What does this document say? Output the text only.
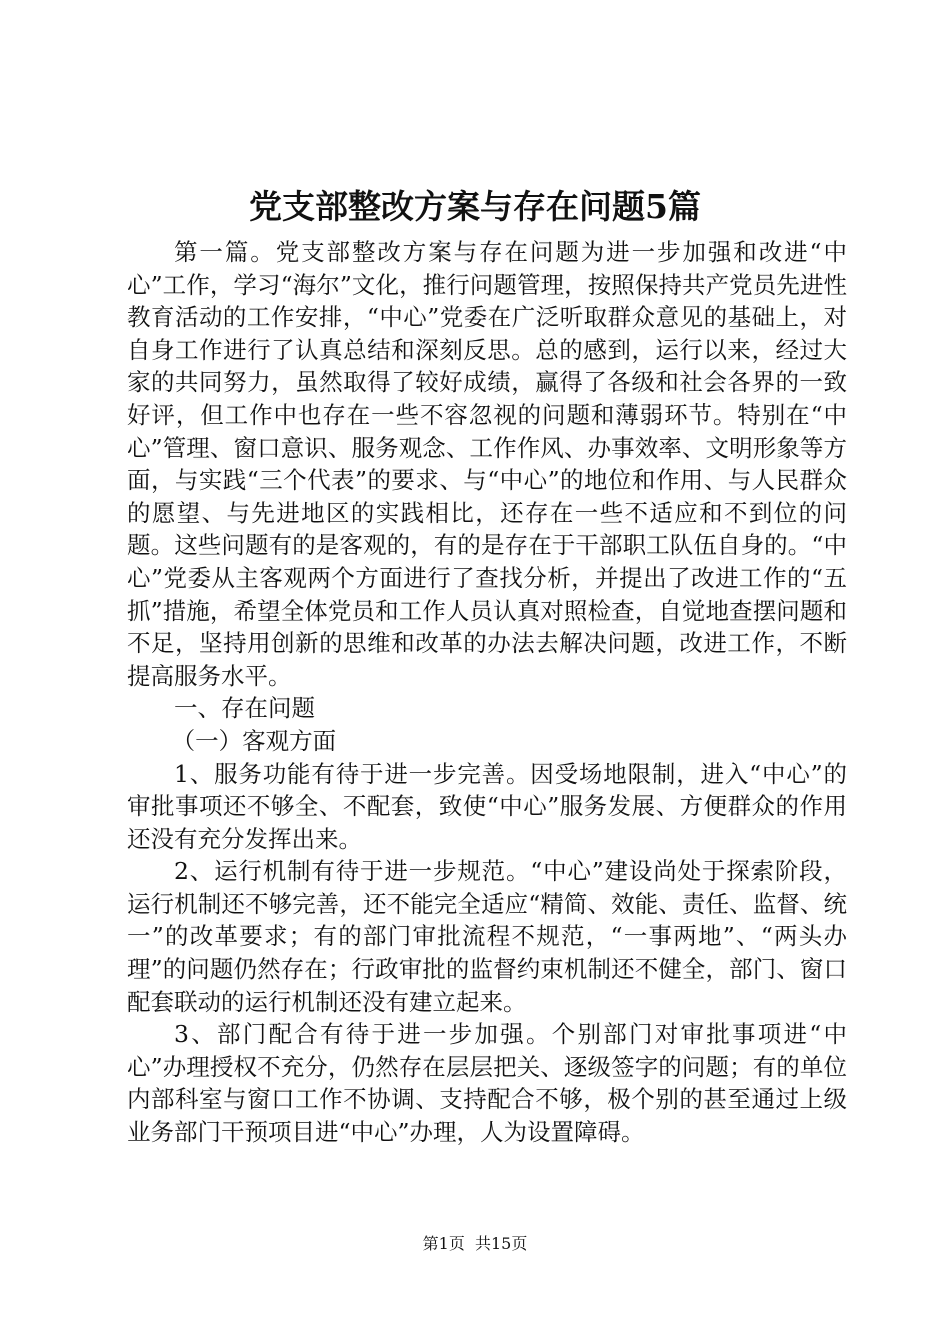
党支部整改方案与存在问题5篇

第一篇。党支部整改方案与存在问题为进一步加强和改进“中心”工作，学习“海尔”文化，推行问题管理，按照保持共产党员先进性教育活动的工作安排，“中心”党委在广泛听取群众意见的基础上，对自身工作进行了认真总结和深刻反思。总的感到，运行以来，经过大家的共同努力，虽然取得了较好成绩，赢得了各级和社会各界的一致好评，但工作中也存在一些不容忽视的问题和薄弱环节。特别在“中心”管理、窗口意识、服务观念、工作作风、办事效率、文明形象等方面，与实践“三个代表”的要求、与“中心”的地位和作用、与人民群众的愿望、与先进地区的实践相比，还存在一些不适应和不到位的问题。这些问题有的是客观的，有的是存在于干部职工队伍自身的。“中心”党委从主客观两个方面进行了查找分析，并提出了改进工作的“五抓”措施，希望全体党员和工作人员认真对照检查，自觉地查摆问题和不足，坚持用创新的思维和改革的办法去解决问题，改进工作，不断提高服务水平。

一、存在问题

（一）客观方面

1、服务功能有待于进一步完善。因受场地限制，进入“中心”的审批事项还不够全、不配套，致使“中心”服务发展、方便群众的作用还没有充分发挥出来。

2、运行机制有待于进一步规范。“中心”建设尚处于探索阶段，运行机制还不够完善，还不能完全适应“精简、效能、责任、监督、统一”的改革要求；有的部门审批流程不规范，“一事两地”、“两头办理”的问题仍然存在；行政审批的监督约束机制还不健全，部门、窗口配套联动的运行机制还没有建立起来。

3、部门配合有待于进一步加强。个别部门对审批事项进“中心”办理授权不充分，仍然存在层层把关、逐级签字的问题；有的单位内部科室与窗口工作不协调、支持配合不够，极个别的甚至通过上级业务部门干预项目进“中心”办理，人为设置障碍。

第1页  共15页
